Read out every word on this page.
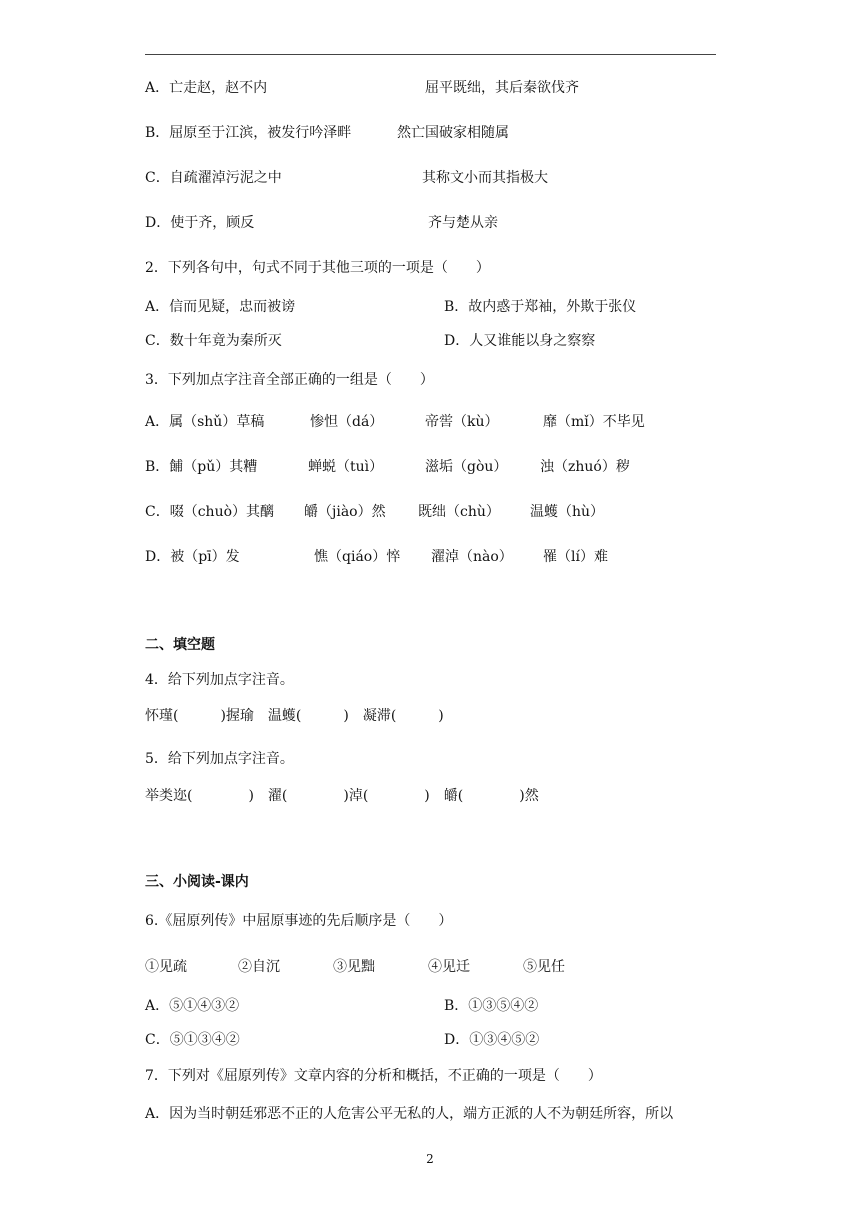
A．亡走赵，赵不内	屈平既绌，其后秦欲伐齐
B．屈原至于江滨，被发行吟泽畔	然亡国破家相随属
C．自疏濯淖污泥之中	其称文小而其指极大
D．使于齐，顾反	齐与楚从亲
2．下列各句中，句式不同于其他三项的一项是（　　）
A．信而见疑，忠而被谤	B．故内惑于郑袖，外欺于张仪
C．数十年竟为秦所灭	D．人又谁能以身之察察
3．下列加点字注音全部正确的一组是（　　）
A．属（shǔ）草稿	惨怛（dá）	帝喾（kù）	靡（mǐ）不毕见
B．餔（pǔ）其糟	蝉蜕（tuì）	滋垢（gòu） 浊（zhuó）秽
C．啜（chuò）其醨 皭（jiào）然 既绌（chù） 温蠖（hù）
D．被（pī）发	憔（qiáo）悴 濯淖（nào） 罹（lí）难
二、填空题
4．给下列加点字注音。
怀瑾(　　　)握瑜　温蠖(　　　)　凝滞(　　　)
5．给下列加点字注音。
举类迩(　　　　)　濯(　　　　)淖(　　　　)　皭(　　　　)然
三、小阅读-课内
6.《屈原列传》中屈原事迹的先后顺序是（　　）
①见疏	②自沉	③见黜	④见迁	⑤见任
A．⑤①④③②	B．①③⑤④②
C．⑤①③④②	D．①③④⑤②
7．下列对《屈原列传》文章内容的分析和概括，不正确的一项是（　　）
A．因为当时朝廷邪恶不正的人危害公平无私的人，端方正派的人不为朝廷所容，所以
2
